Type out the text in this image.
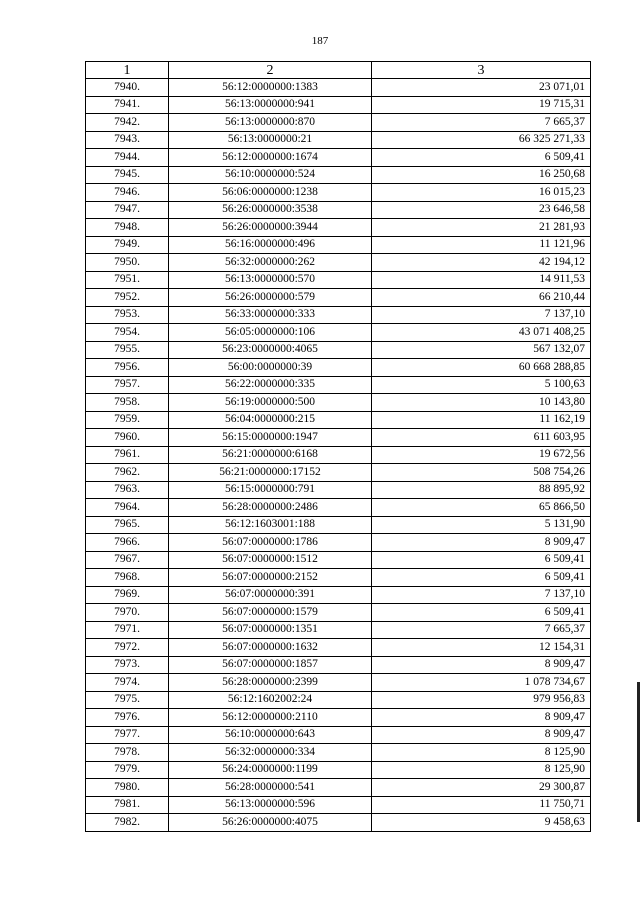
187
1	2	3
7940.	56:12:0000000:1383	23 071,01
7941.	56:13:0000000:941	19 715,31
7942.	56:13:0000000:870	7 665,37
7943.	56:13:0000000:21	66 325 271,33
7944.	56:12:0000000:1674	6 509,41
7945.	56:10:0000000:524	16 250,68
7946.	56:06:0000000:1238	16 015,23
7947.	56:26:0000000:3538	23 646,58
7948.	56:26:0000000:3944	21 281,93
7949.	56:16:0000000:496	11 121,96
7950.	56:32:0000000:262	42 194,12
7951.	56:13:0000000:570	14 911,53
7952.	56:26:0000000:579	66 210,44
7953.	56:33:0000000:333	7 137,10
7954.	56:05:0000000:106	43 071 408,25
7955.	56:23:0000000:4065	567 132,07
7956.	56:00:0000000:39	60 668 288,85
7957.	56:22:0000000:335	5 100,63
7958.	56:19:0000000:500	10 143,80
7959.	56:04:0000000:215	11 162,19
7960.	56:15:0000000:1947	611 603,95
7961.	56:21:0000000:6168	19 672,56
7962.	56:21:0000000:17152	508 754,26
7963.	56:15:0000000:791	88 895,92
7964.	56:28:0000000:2486	65 866,50
7965.	56:12:1603001:188	5 131,90
7966.	56:07:0000000:1786	8 909,47
7967.	56:07:0000000:1512	6 509,41
7968.	56:07:0000000:2152	6 509,41
7969.	56:07:0000000:391	7 137,10
7970.	56:07:0000000:1579	6 509,41
7971.	56:07:0000000:1351	7 665,37
7972.	56:07:0000000:1632	12 154,31
7973.	56:07:0000000:1857	8 909,47
7974.	56:28:0000000:2399	1 078 734,67
7975.	56:12:1602002:24	979 956,83
7976.	56:12:0000000:2110	8 909,47
7977.	56:10:0000000:643	8 909,47
7978.	56:32:0000000:334	8 125,90
7979.	56:24:0000000:1199	8 125,90
7980.	56:28:0000000:541	29 300,87
7981.	56:13:0000000:596	11 750,71
7982.	56:26:0000000:4075	9 458,63
